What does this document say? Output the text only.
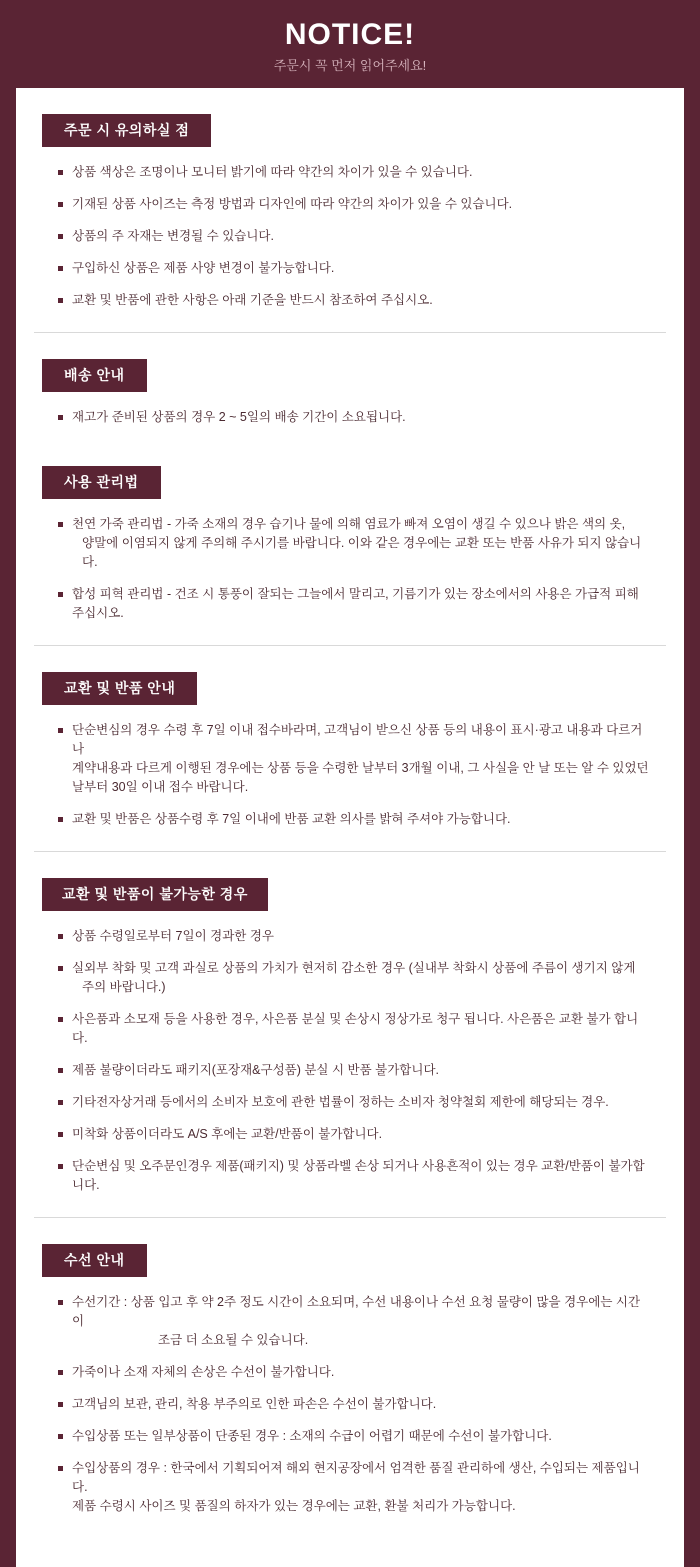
NOTICE!
주문시 꼭 먼저 읽어주세요!
주문 시 유의하실 점
상품 색상은 조명이나 모니터 밝기에 따라 약간의 차이가 있을 수 있습니다.
기재된 상품 사이즈는 측정 방법과 디자인에 따라 약간의 차이가 있을 수 있습니다.
상품의 주 자재는 변경될 수 있습니다.
구입하신 상품은 제품 사양 변경이 불가능합니다.
교환 및 반품에 관한 사항은 아래 기준을 반드시 참조하여 주십시오.
배송 안내
재고가 준비된 상품의 경우 2 ~ 5일의 배송 기간이 소요됩니다.
사용 관리법
천연 가죽 관리법 - 가죽 소재의 경우 습기나 물에 의해 염료가 빠져 오염이 생길 수 있으나 밝은 색의 옷,
양말에 이염되지 않게 주의해 주시기를 바랍니다. 이와 같은 경우에는 교환 또는 반품 사유가 되지 않습니다.
합성 피혁 관리법 - 건조 시 통풍이 잘되는 그늘에서 말리고, 기름기가 있는 장소에서의 사용은 가급적 피해 주십시오.
교환 및 반품 안내
단순변심의 경우 수령 후 7일 이내 접수바라며, 고객님이 받으신 상품 등의 내용이 표시·광고 내용과 다르거나
계약내용과 다르게 이행된 경우에는 상품 등을 수령한 날부터 3개월 이내, 그 사실을 안 날 또는 알 수 있었던
날부터 30일 이내 접수 바랍니다.
교환 및 반품은 상품수령 후 7일 이내에 반품 교환 의사를 밝혀 주셔야 가능합니다.
교환 및 반품이 불가능한 경우
상품 수령일로부터 7일이 경과한 경우
실외부 착화 및 고객 과실로 상품의 가치가 현저히 감소한 경우 (실내부 착화시 상품에 주름이 생기지 않게
주의 바랍니다.)
사은품과 소모재 등을 사용한 경우, 사은품 분실 및 손상시 정상가로 청구 됩니다. 사은품은 교환 불가 합니다.
제품 불량이더라도 패키지(포장재&구성품) 분실 시 반품 불가합니다.
기타전자상거래 등에서의 소비자 보호에 관한 법률이 정하는 소비자 청약철회 제한에 해당되는 경우.
미착화 상품이더라도 A/S 후에는 교환/반품이 불가합니다.
단순변심 및 오주문인경우 제품(패키지) 및 상품라벨 손상 되거나 사용흔적이 있는 경우 교환/반품이 불가합니다.
수선 안내
수선기간 : 상품 입고 후 약 2주 정도 시간이 소요되며, 수선 내용이나 수선 요청 물량이 많을 경우에는 시간이
조금 더 소요될 수 있습니다.
가죽이나 소재 자체의 손상은 수선이 불가합니다.
고객님의 보관, 관리, 착용 부주의로 인한 파손은 수선이 불가합니다.
수입상품 또는 일부상품이 단종된 경우 : 소재의 수급이 어렵기 때문에 수선이 불가합니다.
수입상품의 경우 : 한국에서 기획되어져 해외 현지공장에서 엄격한 품질 관리하에 생산, 수입되는 제품입니다.
제품 수령시 사이즈 및 품질의 하자가 있는 경우에는 교환, 환불 처리가 가능합니다.
